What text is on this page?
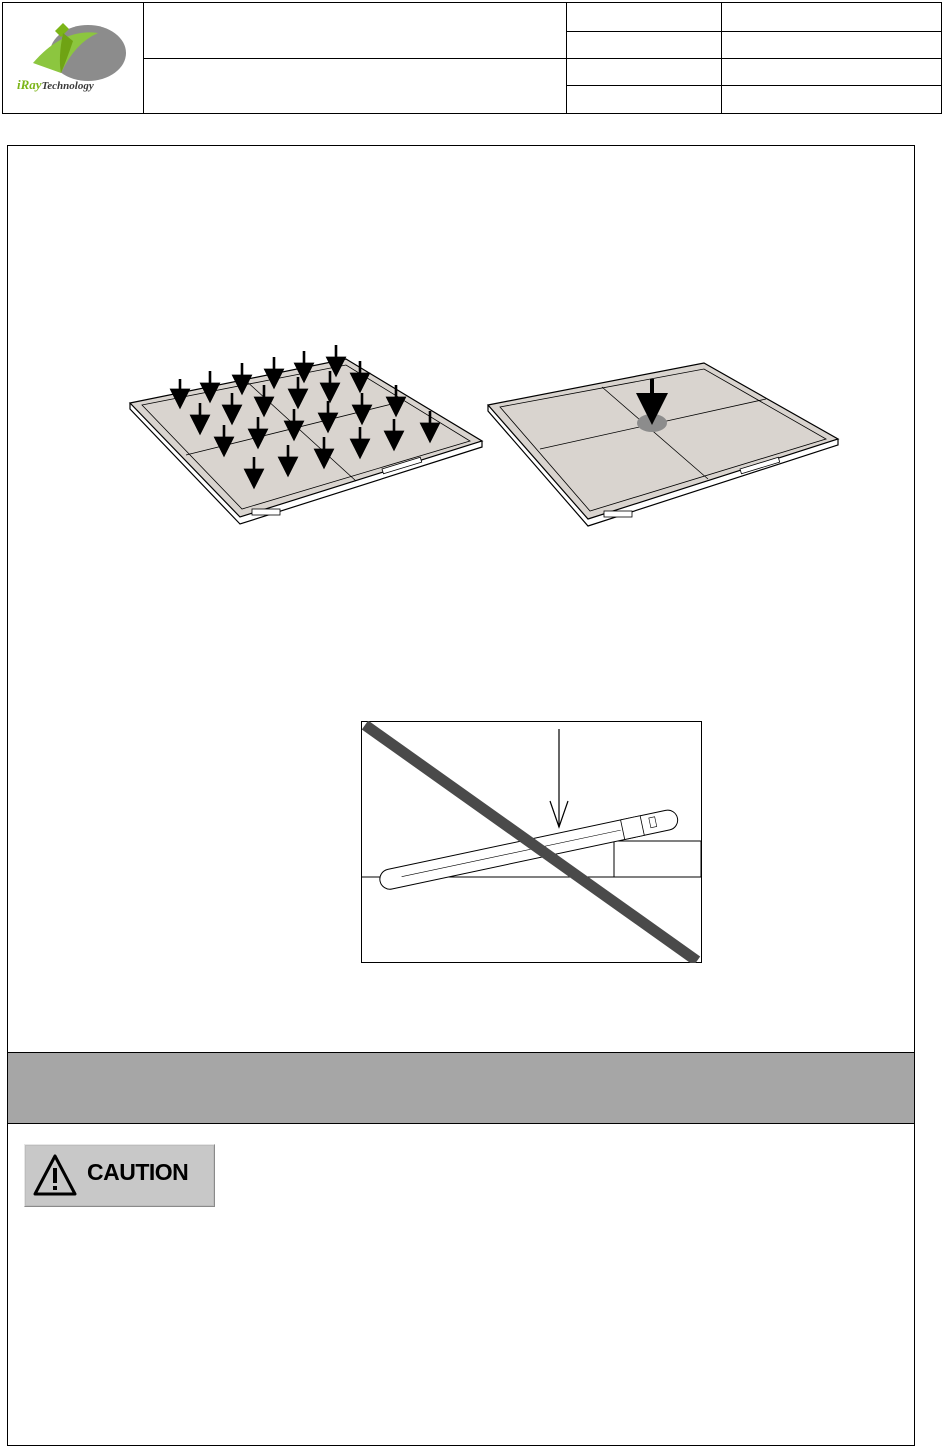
iRayTechnology
CAUTION
